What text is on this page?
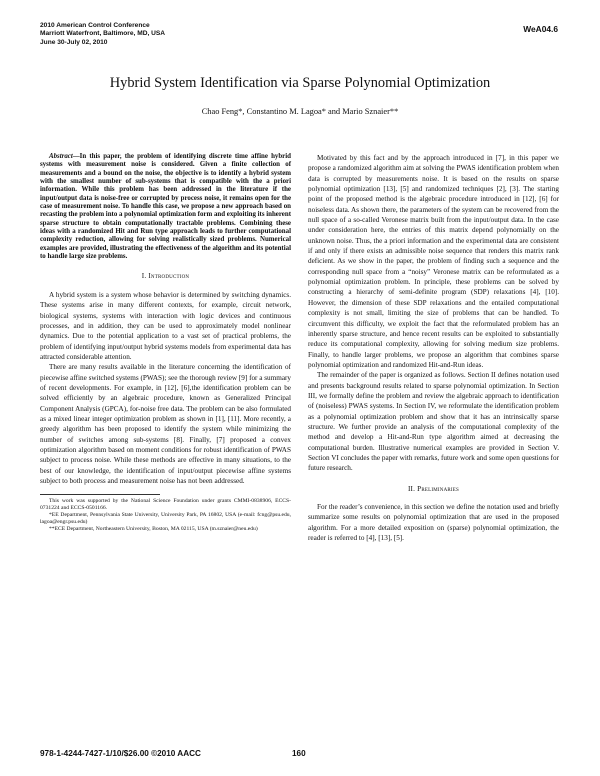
2010 American Control Conference
Marriott Waterfront, Baltimore, MD, USA
June 30-July 02, 2010
WeA04.6
Hybrid System Identification via Sparse Polynomial Optimization
Chao Feng*, Constantino M. Lagoa* and Mario Sznaier**

Abstract—In this paper, the problem of identifying discrete time affine hybrid systems with measurement noise is considered. Given a finite collection of measurements and a bound on the noise, the objective is to identify a hybrid system with the smallest number of sub-systems that is compatible with the a priori information. While this problem has been addressed in the literature if the input/output data is noise-free or corrupted by process noise, it remains open for the case of measurement noise. To handle this case, we propose a new approach based on recasting the problem into a polynomial optimization form and exploiting its inherent sparse structure to obtain computationally tractable problems. Combining these ideas with a randomized Hit and Run type approach leads to further computational complexity reduction, allowing for solving realistically sized problems. Numerical examples are provided, illustrating the effectiveness of the algorithm and its potential to handle large size problems.

I. Introduction

A hybrid system is a system whose behavior is determined by switching dynamics. These systems arise in many different contexts, for example, circuit network, biological systems, systems with interaction with logic devices and continuous processes, and in addition, they can be used to approximately model nonlinear dynamics. Due to the potential application to a vast set of practical problems, the problem of identifying input/output hybrid systems models from experimental data has attracted considerable attention.

There are many results available in the literature concerning the identification of piecewise affine switched systems (PWAS); see the thorough review [9] for a summary of recent developments. For example, in [12], [6],the identification problem can be solved efficiently by an algebraic procedure, known as Generalized Principal Component Analysis (GPCA), for-noise free data. The problem can be also formulated as a mixed linear integer optimization problem as shown in [1], [11]. More recently, a greedy algorithm has been proposed to identify the system while minimizing the number of switches among sub-systems [8]. Finally, [7] proposed a convex optimization algorithm based on moment conditions for robust identification of PWAS subject to process noise. While these methods are effective in many situations, to the best of our knowledge, the identification of input/output piecewise affine systems subject to both process and measurement noise has not been addressed.

This work was supported by the National Science Foundation under grants CMMI-0838906, ECCS-0731224 and ECCS-0501166.

*EE Department, Pennsylvania State University, University Park, PA 16802, USA (e-mail: fcng@psu.edu, lagoa@engr.psu.edu)

**ECE Department, Northeastern University, Boston, MA 02115, USA (m.sznaier@neu.edu)

Motivated by this fact and by the approach introduced in [7], in this paper we propose a randomized algorithm aim at solving the PWAS identification problem when data is corrupted by measurements noise. It is based on the results on sparse polynomial optimization [13], [5] and randomized techniques [2], [3]. The starting point of the proposed method is the algebraic procedure introduced in [12], [6] for noiseless data. As shown there, the parameters of the system can be recovered from the null space of a so-called Veronese matrix built from the input/output data. In the case under consideration here, the entries of this matrix depend polynomially on the unknown noise. Thus, the a priori information and the experimental data are consistent if and only if there exists an admissible noise sequence that renders this matrix rank deficient. As we show in the paper, the problem of finding such a sequence and the corresponding null space from a “noisy” Veronese matrix can be reformulated as a polynomial optimization problem. In principle, these problems can be solved by constructing a hierarchy of semi-definite program (SDP) relaxations [4], [10]. However, the dimension of these SDP relaxations and the entailed computational complexity is not small, limiting the size of problems that can be handled. To circumvent this difficulty, we exploit the fact that the reformulated problem has an inherently sparse structure, and hence recent results can be exploited to substantially reduce its computational complexity, allowing for solving medium size problems. Finally, to handle larger problems, we propose an algorithm that combines sparse polynomial optimization and randomized Hit-and-Run ideas.

The remainder of the paper is organized as follows. Section II defines notation used and presents background results related to sparse polynomial optimization. In Section III, we formally define the problem and review the algebraic approach to identification of (noiseless) PWAS systems. In Section IV, we reformulate the identification problem as a polynomial optimization problem and show that it has an intrinsically sparse structure. We further provide an analysis of the computational complexity of the method and develop a Hit-and-Run type algorithm aimed at decreasing the computational burden. Illustrative numerical examples are provided in Section V. Section VI concludes the paper with remarks, future work and some open questions for future research.

II. Preliminaries

For the reader’s convenience, in this section we define the notation used and briefly summarize some results on polynomial optimization that are used in the proposed algorithm. For a more detailed exposition on (sparse) polynomial optimization, the reader is referred to [4], [13], [5].

978-1-4244-7427-1/10/$26.00 ©2010 AACC	160
